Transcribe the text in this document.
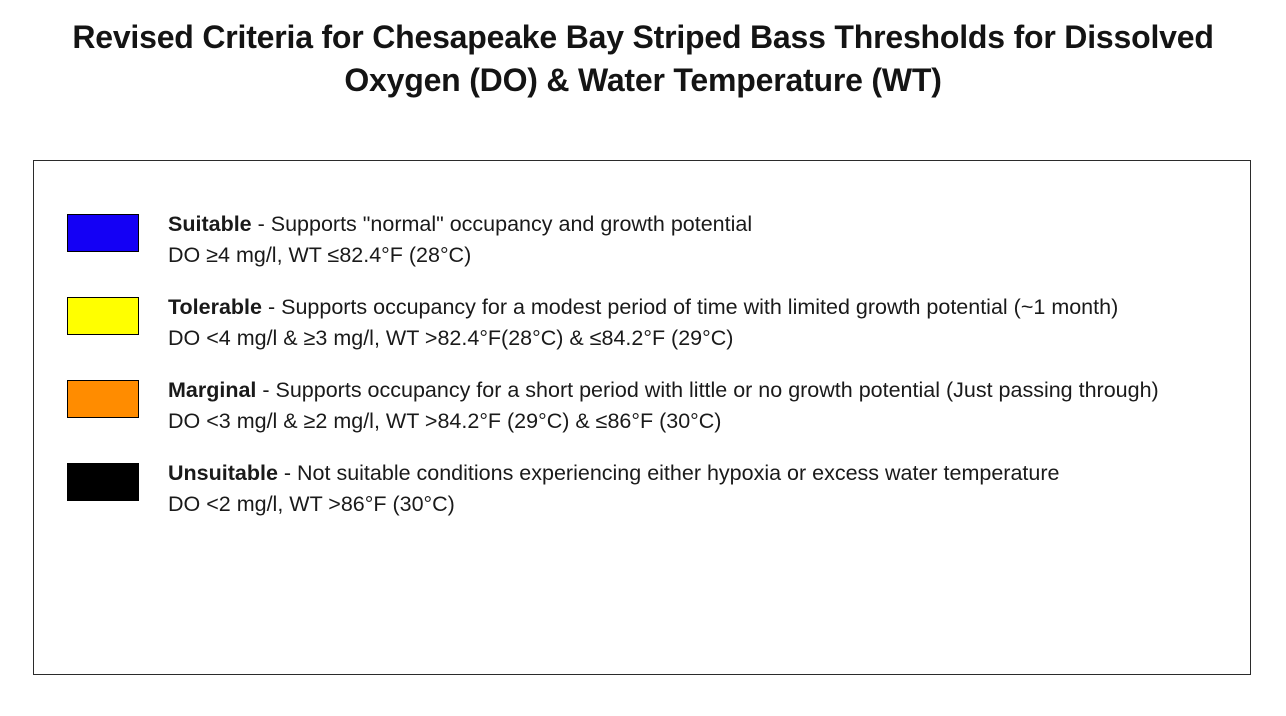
Revised Criteria for Chesapeake Bay Striped Bass Thresholds for Dissolved Oxygen (DO) & Water Temperature (WT)
Suitable - Supports "normal" occupancy and growth potential
DO ≥4 mg/l, WT ≤82.4°F (28°C)
Tolerable - Supports occupancy for a modest period of time with limited growth potential (~1 month)
DO <4 mg/l & ≥3 mg/l, WT >82.4°F(28°C) & ≤84.2°F (29°C)
Marginal - Supports occupancy for a short period with little or no growth potential (Just passing through)
DO <3 mg/l & ≥2 mg/l, WT >84.2°F (29°C) & ≤86°F (30°C)
Unsuitable - Not suitable conditions experiencing either hypoxia or excess water temperature
DO <2 mg/l, WT >86°F (30°C)
